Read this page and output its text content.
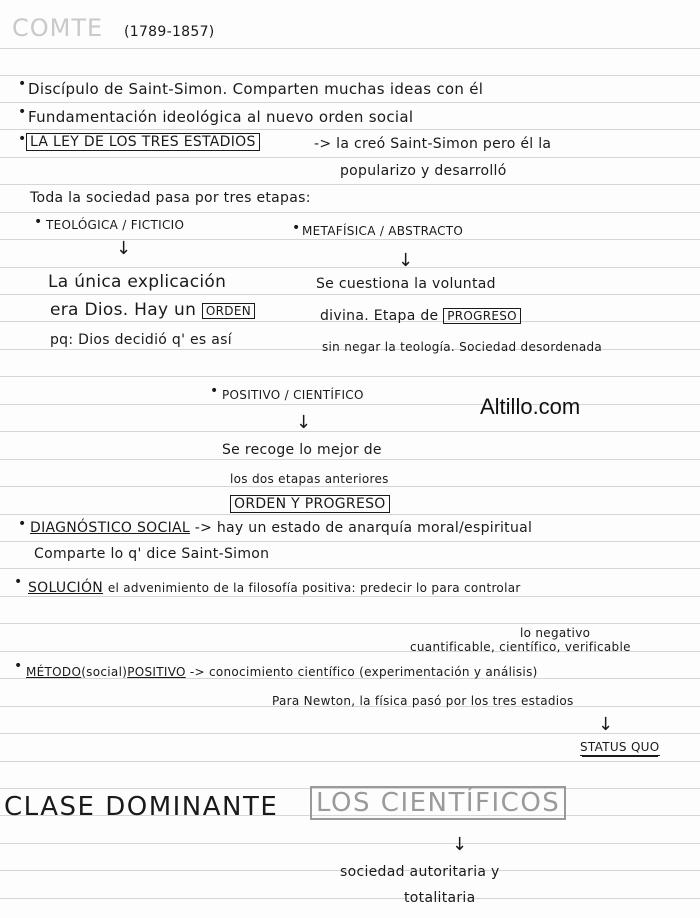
COMTE (1789-1857)
• Discípulo de Saint-Simon. Comparten muchas ideas con él
• Fundamentación ideológica al nuevo orden social
• LA LEY DE LOS TRES ESTADIOS	-> la creó Saint-Simon pero él la
popularizo y desarrolló
Toda la sociedad pasa por tres etapas:
• TEOLÓGICA / FICTICIO	• METAFÍSICA / ABSTRACTO
↓
↓
La única explicación	Se cuestiona la voluntad
era Dios. Hay un ORDEN	divina. Etapa de PROGRESO
pq: Dios decidió q' es así	sin negar la teología. Sociedad desordenada
• POSITIVO / CIENTÍFICO	Altillo.com
↓
Se recoge lo mejor de
los dos etapas anteriores
ORDEN Y PROGRESO
• DIAGNÓSTICO SOCIAL -> hay un estado de anarquía moral/espiritual
Comparte lo q' dice Saint-Simon
• SOLUCIÓN el advenimiento de la filosofía positiva: predecir lo para controlar
lo negativo
cuantificable, científico, verificable
• MÉTODO(social)POSITIVO -> conocimiento científico (experimentación y análisis)
Para Newton, la física pasó por los tres estadios
↓
STATUS QUO
CLASE DOMINANTE LOS CIENTÍFICOS
↓
sociedad autoritaria y
totalitaria
